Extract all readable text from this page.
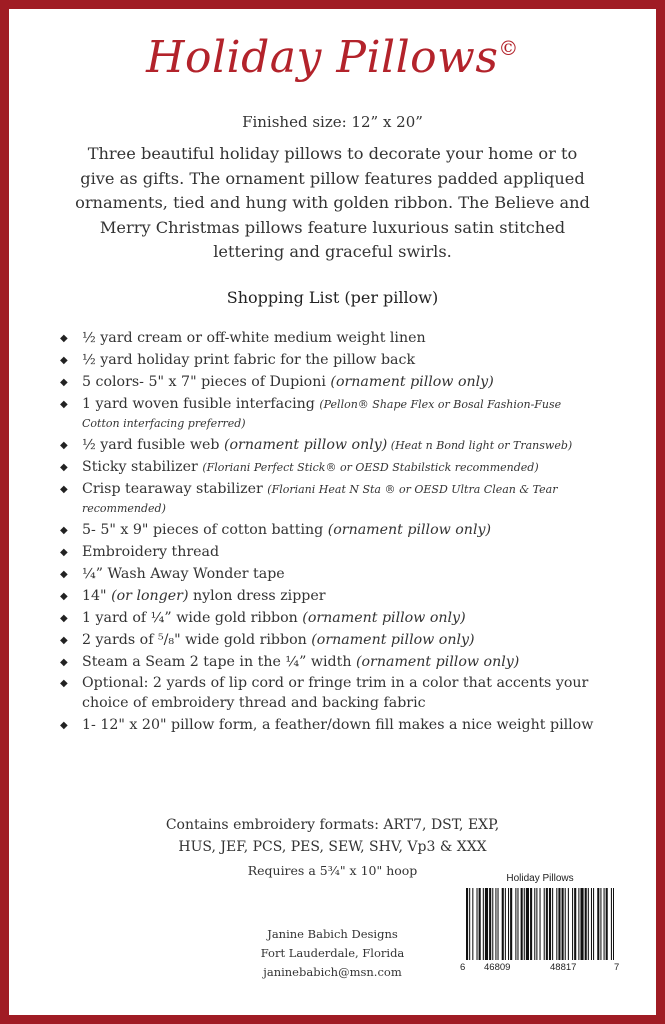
Holiday Pillows©
Finished size: 12” x 20”
Three beautiful holiday pillows to decorate your home or to give as gifts. The ornament pillow features padded appliqued ornaments, tied and hung with golden ribbon. The Believe and Merry Christmas pillows feature luxurious satin stitched lettering and graceful swirls.
Shopping List (per pillow)
◆ ½ yard cream or off-white medium weight linen
◆ ½ yard holiday print fabric for the pillow back
◆ 5 colors- 5" x 7" pieces of Dupioni (ornament pillow only)
◆ 1 yard woven fusible interfacing (Pellon® Shape Flex or Bosal Fashion-Fuse Cotton interfacing preferred)
◆ ½ yard fusible web (ornament pillow only) (Heat n Bond light or Transweb)
◆ Sticky stabilizer (Floriani Perfect Stick® or OESD Stabilstick recommended)
◆ Crisp tearaway stabilizer (Floriani Heat N Sta ® or OESD Ultra Clean & Tear recommended)
◆ 5- 5" x 9" pieces of cotton batting (ornament pillow only)
◆ Embroidery thread
◆ ¼” Wash Away Wonder tape
◆ 14" (or longer) nylon dress zipper
◆ 1 yard of ¼” wide gold ribbon (ornament pillow only)
◆ 2 yards of ⁵/₈" wide gold ribbon (ornament pillow only)
◆ Steam a Seam 2 tape in the ¼” width (ornament pillow only)
◆ Optional: 2 yards of lip cord or fringe trim in a color that accents your choice of embroidery thread and backing fabric
◆ 1- 12" x 20" pillow form, a feather/down fill makes a nice weight pillow
Contains embroidery formats: ART7, DST, EXP,
HUS, JEF, PCS, PES, SEW, SHV, Vp3 & XXX
Requires a 5¾" x 10" hoop
Janine Babich Designs
Fort Lauderdale, Florida
janinebabich@msn.com
Holiday Pillows
6 46809	48817	7
